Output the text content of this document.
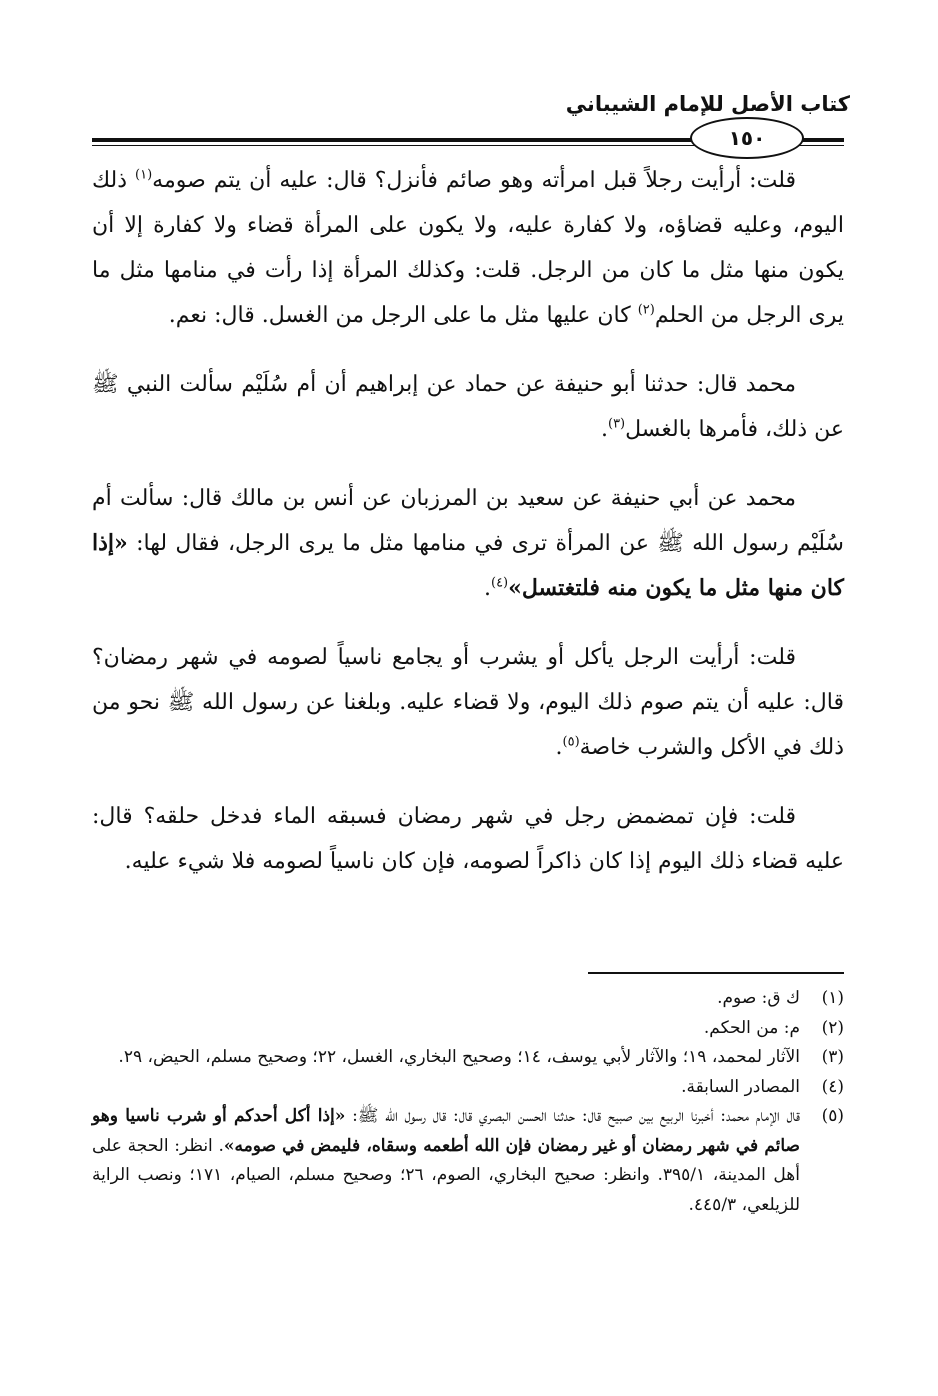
كتاب الأصل للإمام الشيباني
١٥٠

قلت: أرأيت رجلاً قبل امرأته وهو صائم فأنزل؟ قال: عليه أن يتم صومه$^{(١)}$ ذلك اليوم، وعليه قضاؤه، ولا كفارة عليه، ولا يكون على المرأة قضاء ولا كفارة إلا أن يكون منها مثل ما كان من الرجل. قلت: وكذلك المرأة إذا رأت في منامها مثل ما يرى الرجل من الحلم$^{(٢)}$ كان عليها مثل ما على الرجل من الغسل. قال: نعم.

محمد قال: حدثنا أبو حنيفة عن حماد عن إبراهيم أن أم سُلَيْم سألت النبي ﷺ عن ذلك، فأمرها بالغسل$^{(٣)}$.

محمد عن أبي حنيفة عن سعيد بن المرزبان عن أنس بن مالك قال: سألت أم سُلَيْم رسول الله ﷺ عن المرأة ترى في منامها مثل ما يرى الرجل، فقال لها: «إذا كان منها مثل ما يكون منه فلتغتسل»$^{(٤)}$.

قلت: أرأيت الرجل يأكل أو يشرب أو يجامع ناسياً لصومه في شهر رمضان؟ قال: عليه أن يتم صوم ذلك اليوم، ولا قضاء عليه. وبلغنا عن رسول الله ﷺ نحو من ذلك في الأكل والشرب خاصة$^{(٥)}$.

قلت: فإن تمضمض رجل في شهر رمضان فسبقه الماء فدخل حلقه؟ قال: عليه قضاء ذلك اليوم إذا كان ذاكراً لصومه، فإن كان ناسياً لصومه فلا شيء عليه.

(١)
ك ق: صوم.
(٢)
م: من الحكم.
(٣)
الآثار لمحمد، ١٩؛ والآثار لأبي يوسف، ١٤؛ وصحيح البخاري، الغسل، ٢٢؛ وصحيح مسلم، الحيض، ٢٩.
(٤)
المصادر السابقة.
(٥)
قال الإمام محمد: أخبرنا الربيع بين صبيح قال: حدثنا الحسن البصري قال: قال رسول الله ﷺ: «إذا أكل أحدكم أو شرب ناسيا وهو صائم في شهر رمضان أو غير رمضان فإن الله أطعمه وسقاه، فليمض في صومه». انظر: الحجة على أهل المدينة، ٣٩٥/١. وانظر: صحيح البخاري، الصوم، ٢٦؛ وصحيح مسلم، الصيام، ١٧١؛ ونصب الراية للزيلعي، ٤٤٥/٣.
